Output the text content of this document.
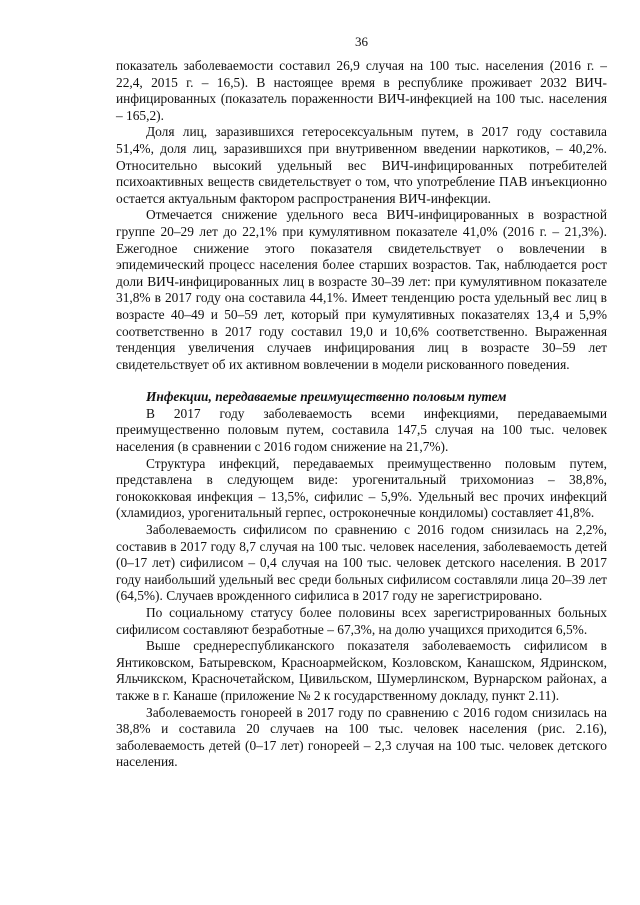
36

показатель заболеваемости составил 26,9 случая на 100 тыс. населения (2016 г. – 22,4, 2015 г. – 16,5). В настоящее время в республике проживает 2032 ВИЧ-инфицированных (показатель пораженности ВИЧ-инфекцией на 100 тыс. населения – 165,2).

Доля лиц, заразившихся гетеросексуальным путем, в 2017 году составила 51,4%, доля лиц, заразившихся при внутривенном введении наркотиков, – 40,2%. Относительно высокий удельный вес ВИЧ-инфицированных потребителей психоактивных веществ свидетельствует о том, что употребление ПАВ инъекционно остается актуальным фактором распространения ВИЧ-инфекции.

Отмечается снижение удельного веса ВИЧ-инфицированных в возрастной группе 20–29 лет до 22,1% при кумулятивном показателе 41,0% (2016 г. – 21,3%). Ежегодное снижение этого показателя свидетельствует о вовлечении в эпидемический процесс населения более старших возрастов. Так, наблюдается рост доли ВИЧ-инфицированных лиц в возрасте 30–39 лет: при кумулятивном показателе 31,8% в 2017 году она составила 44,1%. Имеет тенденцию роста удельный вес лиц в возрасте 40–49 и 50–59 лет, который при кумулятивных показателях 13,4 и 5,9% соответственно в 2017 году составил 19,0 и 10,6% соответственно. Выраженная тенденция увеличения случаев инфицирования лиц в возрасте 30–59 лет свидетельствует об их активном вовлечении в модели рискованного поведения.

Инфекции, передаваемые преимущественно половым путем

В 2017 году заболеваемость всеми инфекциями, передаваемыми преимущественно половым путем, составила 147,5 случая на 100 тыс. человек населения (в сравнении с 2016 годом снижение на 21,7%).

Структура инфекций, передаваемых преимущественно половым путем, представлена в следующем виде: урогенитальный трихомониаз – 38,8%, гонококковая инфекция – 13,5%, сифилис – 5,9%. Удельный вес прочих инфекций (хламидиоз, урогенитальный герпес, остроконечные кондиломы) составляет 41,8%.

Заболеваемость сифилисом по сравнению с 2016 годом снизилась на 2,2%, составив в 2017 году 8,7 случая на 100 тыс. человек населения, заболеваемость детей (0–17 лет) сифилисом – 0,4 случая на 100 тыс. человек детского населения. В 2017 году наибольший удельный вес среди больных сифилисом составляли лица 20–39 лет (64,5%). Случаев врожденного сифилиса в 2017 году не зарегистрировано.

По социальному статусу более половины всех зарегистрированных больных сифилисом составляют безработные – 67,3%, на долю учащихся приходится 6,5%.

Выше среднереспубликанского показателя заболеваемость сифилисом в Янтиковском, Батыревском, Красноармейском, Козловском, Канашском, Ядринском, Яльчикском, Красночетайском, Цивильском, Шумерлинском, Вурнарском районах, а также в г. Канаше (приложение № 2 к государственному докладу, пункт 2.11).

Заболеваемость гонореей в 2017 году по сравнению с 2016 годом снизилась на 38,8% и составила 20 случаев на 100 тыс. человек населения (рис. 2.16), заболеваемость детей (0–17 лет) гонореей – 2,3 случая на 100 тыс. человек детского населения.
